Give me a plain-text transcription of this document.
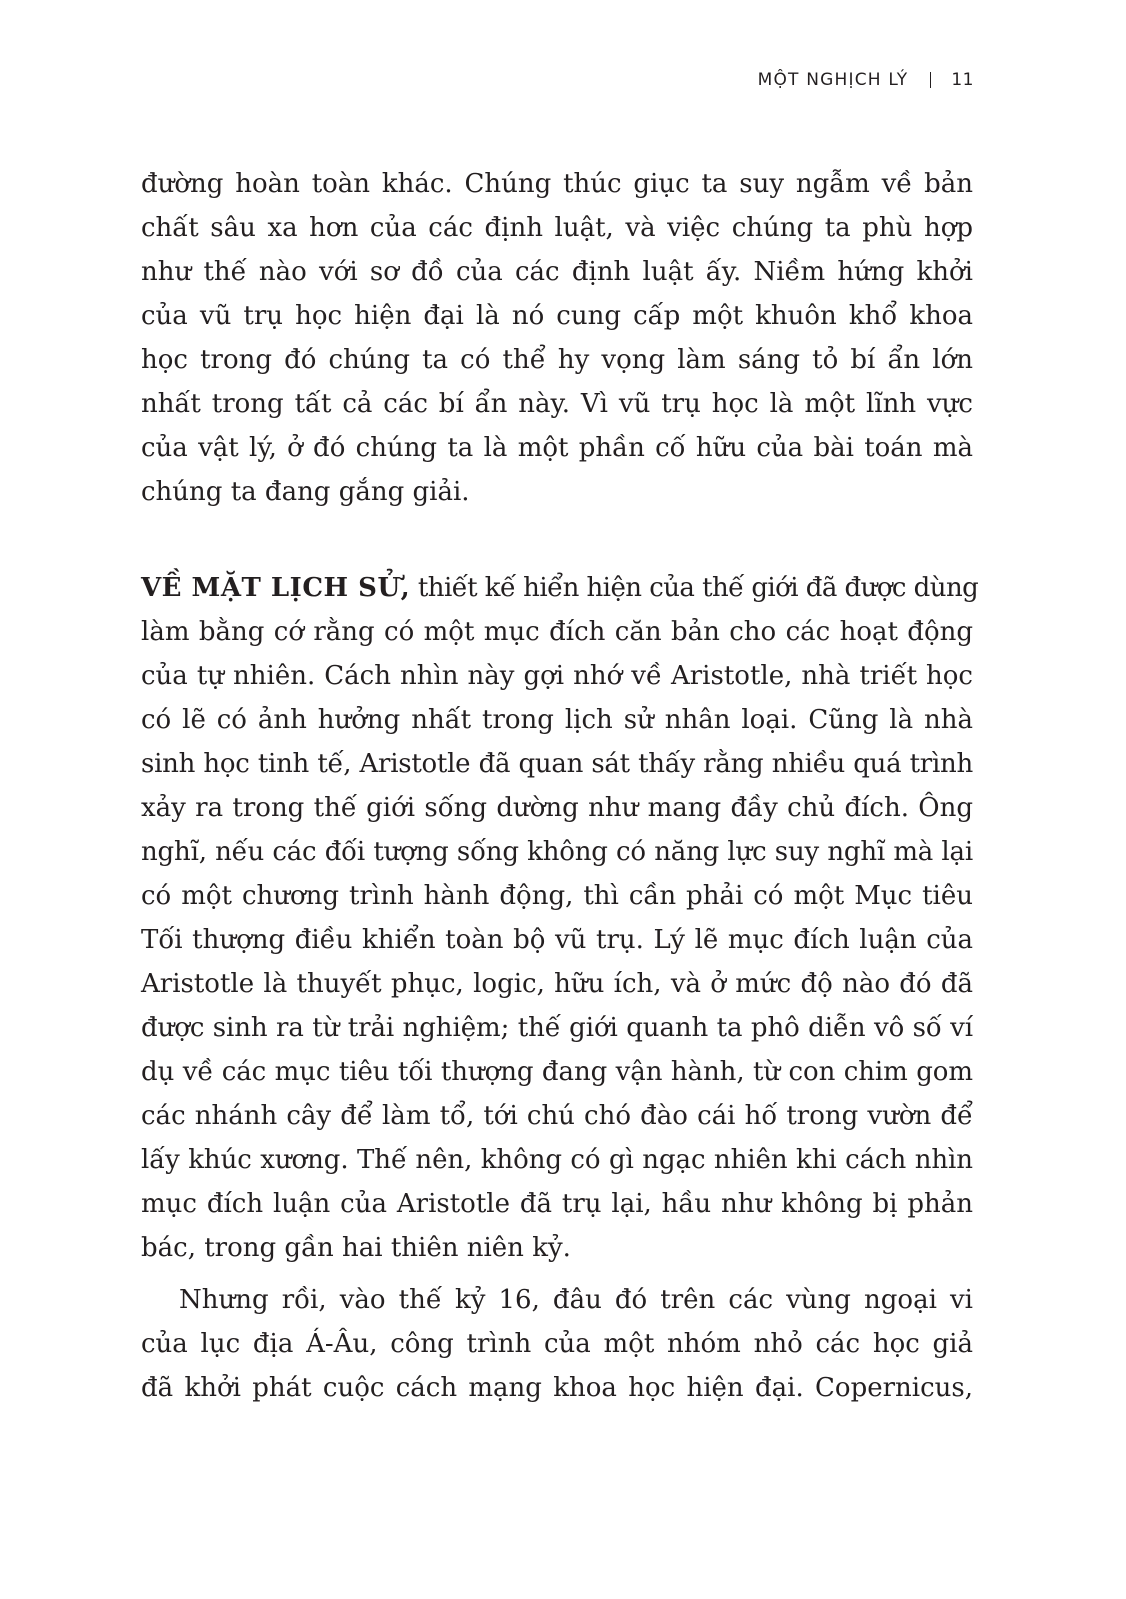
MỘT NGHỊCH LÝ	11
đường hoàn toàn khác. Chúng thúc giục ta suy ngẫm về bản
chất sâu xa hơn của các định luật, và việc chúng ta phù hợp
như thế nào với sơ đồ của các định luật ấy. Niềm hứng khởi
của vũ trụ học hiện đại là nó cung cấp một khuôn khổ khoa
học trong đó chúng ta có thể hy vọng làm sáng tỏ bí ẩn lớn
nhất trong tất cả các bí ẩn này. Vì vũ trụ học là một lĩnh vực
của vật lý, ở đó chúng ta là một phần cố hữu của bài toán mà
chúng ta đang gắng giải.
VỀ MẶT LỊCH SỬ, thiết kế hiển hiện của thế giới đã được dùng
làm bằng cớ rằng có một mục đích căn bản cho các hoạt động
của tự nhiên. Cách nhìn này gợi nhớ về Aristotle, nhà triết học
có lẽ có ảnh hưởng nhất trong lịch sử nhân loại. Cũng là nhà
sinh học tinh tế, Aristotle đã quan sát thấy rằng nhiều quá trình
xảy ra trong thế giới sống dường như mang đầy chủ đích. Ông
nghĩ, nếu các đối tượng sống không có năng lực suy nghĩ mà lại
có một chương trình hành động, thì cần phải có một Mục tiêu
Tối thượng điều khiển toàn bộ vũ trụ. Lý lẽ mục đích luận của
Aristotle là thuyết phục, logic, hữu ích, và ở mức độ nào đó đã
được sinh ra từ trải nghiệm; thế giới quanh ta phô diễn vô số ví
dụ về các mục tiêu tối thượng đang vận hành, từ con chim gom
các nhánh cây để làm tổ, tới chú chó đào cái hố trong vườn để
lấy khúc xương. Thế nên, không có gì ngạc nhiên khi cách nhìn
mục đích luận của Aristotle đã trụ lại, hầu như không bị phản
bác, trong gần hai thiên niên kỷ.
Nhưng rồi, vào thế kỷ 16, đâu đó trên các vùng ngoại vi
của lục địa Á-Âu, công trình của một nhóm nhỏ các học giả
đã khởi phát cuộc cách mạng khoa học hiện đại. Copernicus,
